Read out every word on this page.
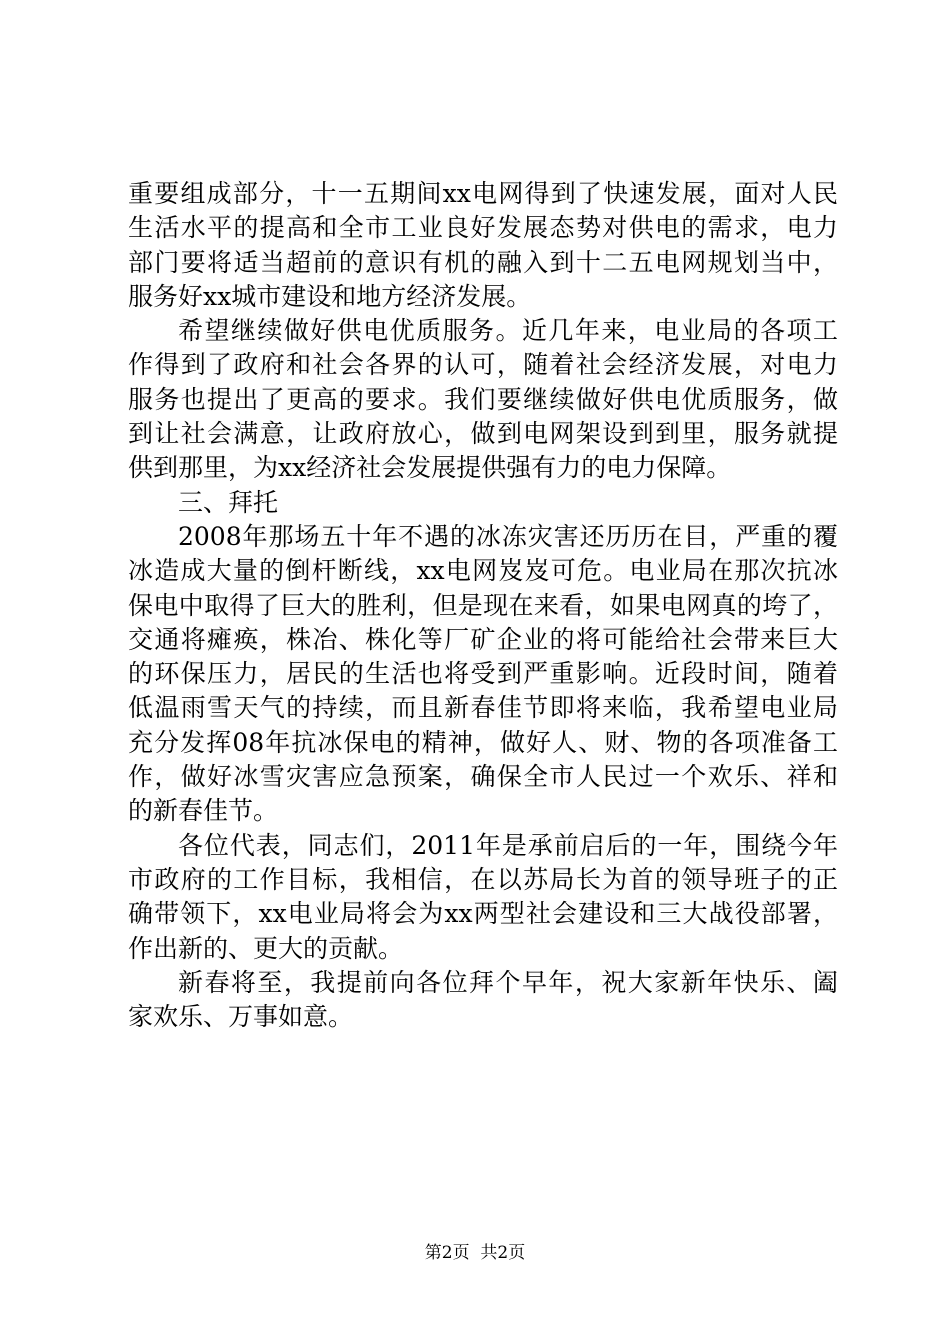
重要组成部分，十一五期间xx电网得到了快速发展，面对人民
生活水平的提高和全市工业良好发展态势对供电的需求，电力
部门要将适当超前的意识有机的融入到十二五电网规划当中，
服务好xx城市建设和地方经济发展。
希望继续做好供电优质服务。近几年来，电业局的各项工
作得到了政府和社会各界的认可，随着社会经济发展，对电力
服务也提出了更高的要求。我们要继续做好供电优质服务，做
到让社会满意，让政府放心，做到电网架设到到里，服务就提
供到那里，为xx经济社会发展提供强有力的电力保障。
三、拜托
2008年那场五十年不遇的冰冻灾害还历历在目，严重的覆
冰造成大量的倒杆断线，xx电网岌岌可危。电业局在那次抗冰
保电中取得了巨大的胜利，但是现在来看，如果电网真的垮了，
交通将瘫痪，株冶、株化等厂矿企业的将可能给社会带来巨大
的环保压力，居民的生活也将受到严重影响。近段时间，随着
低温雨雪天气的持续，而且新春佳节即将来临，我希望电业局
充分发挥08年抗冰保电的精神，做好人、财、物的各项准备工
作，做好冰雪灾害应急预案，确保全市人民过一个欢乐、祥和
的新春佳节。
各位代表，同志们，2011年是承前启后的一年，围绕今年
市政府的工作目标，我相信，在以苏局长为首的领导班子的正
确带领下，xx电业局将会为xx两型社会建设和三大战役部署，
作出新的、更大的贡献。
新春将至，我提前向各位拜个早年，祝大家新年快乐、阖
家欢乐、万事如意。
第2页  共2页
